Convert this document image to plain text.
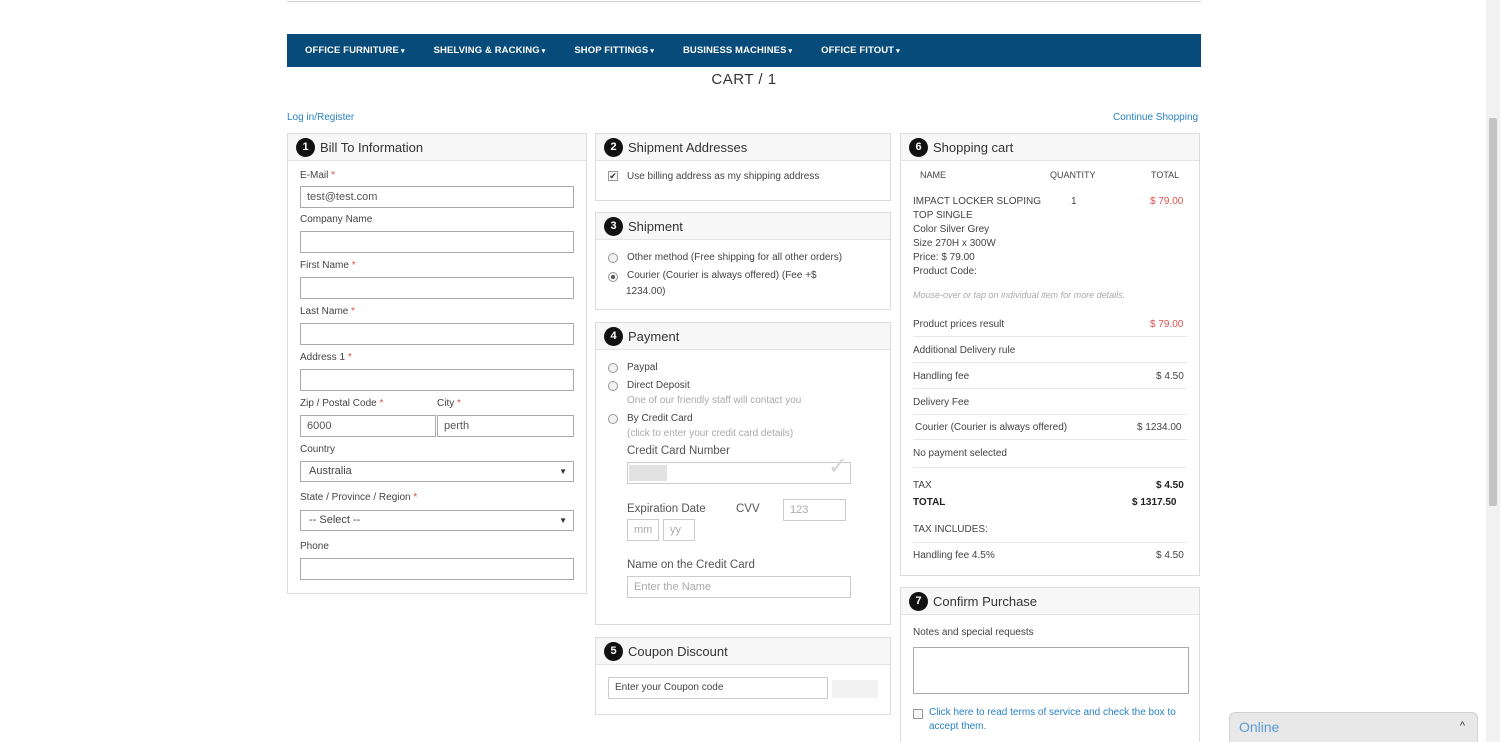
OFFICE FURNITURE ▾	SHELVING & RACKING ▾	SHOP FITTINGS ▾	BUSINESS MACHINES ▾	OFFICE FITOUT ▾
CART / 1
Log in/Register	Continue Shopping
1 Bill To Information
E-Mail *
test@test.com
Company Name
First Name *
Last Name *
Address 1 *
Zip / Postal Code *	City *
6000	perth
Country
Australia	▼
State / Province / Region *
-- Select --	▼
Phone
2 Shipment Addresses
✔ Use billing address as my shipping address
3 Shipment
Other method (Free shipping for all other orders)
Courier (Courier is always offered) (Fee +$
1234.00)
4 Payment
Paypal
Direct Deposit
One of our friendly staff will contact you
By Credit Card
(click to enter your credit card details)
Credit Card Number
✓
Expiration Date	CVV	123
mm	yy
Name on the Credit Card
Enter the Name
5 Coupon Discount
Enter your Coupon code	Save
6 Shopping cart
NAME	QUANTITY	TOTAL
IMPACT LOCKER SLOPING
TOP SINGLE
Color Silver Grey
Size 270H x 300W
Price: $ 79.00
Product Code:
1	$ 79.00
Mouse-over or tap on individual item for more details.
Product prices result	$ 79.00
Additional Delivery rule
Handling fee	$ 4.50
Delivery Fee
Courier (Courier is always offered)	$ 1234.00
No payment selected
TAX	$ 4.50
TOTAL	$ 1317.50
TAX INCLUDES:
Handling fee 4.5%	$ 4.50
7 Confirm Purchase
Notes and special requests
Click here to read terms of service and check the box to
accept them.	Online	^
